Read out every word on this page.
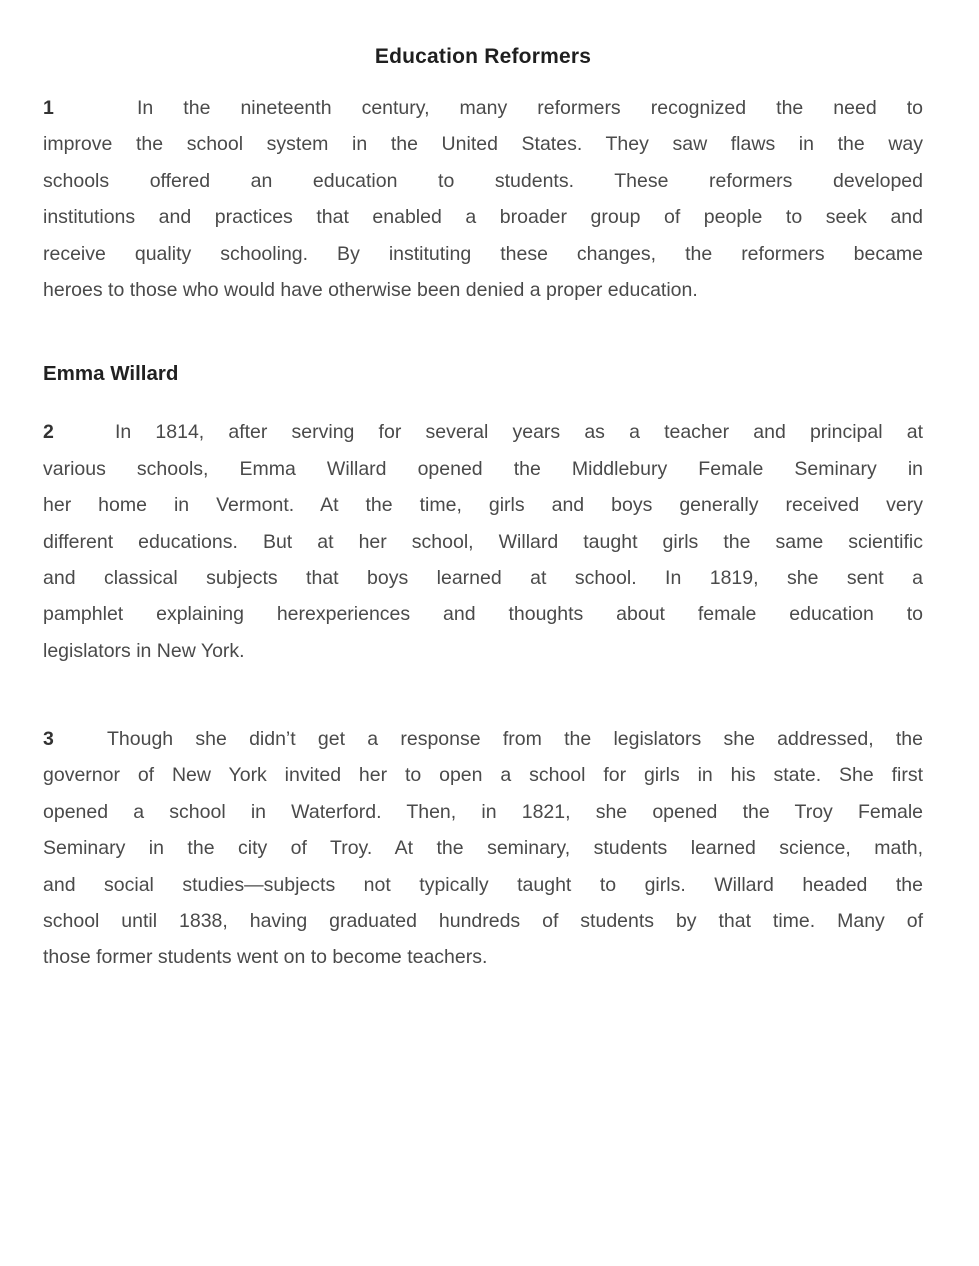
Education Reformers
1	In the nineteenth century, many reformers recognized the need to
improve the school system in the United States. They saw flaws in the way
schools offered an education to students. These reformers developed
institutions and practices that enabled a broader group of people to seek and
receive quality schooling. By instituting these changes, the reformers became
heroes to those who would have otherwise been denied a proper education.
Emma Willard
2	In 1814, after serving for several years as a teacher and principal at
various schools, Emma Willard opened the Middlebury Female Seminary in
her home in Vermont. At the time, girls and boys generally received very
different educations. But at her school, Willard taught girls the same scientific
and classical subjects that boys learned at school. In 1819, she sent a
pamphlet explaining herexperiences and thoughts about female education to
legislators in New York.
3	Though she didn’t get a response from the legislators she addressed, the
governor of New York invited her to open a school for girls in his state. She first
opened a school in Waterford. Then, in 1821, she opened the Troy Female
Seminary in the city of Troy. At the seminary, students learned science, math,
and social studies—subjects not typically taught to girls. Willard headed the
school until 1838, having graduated hundreds of students by that time. Many of
those former students went on to become teachers.
